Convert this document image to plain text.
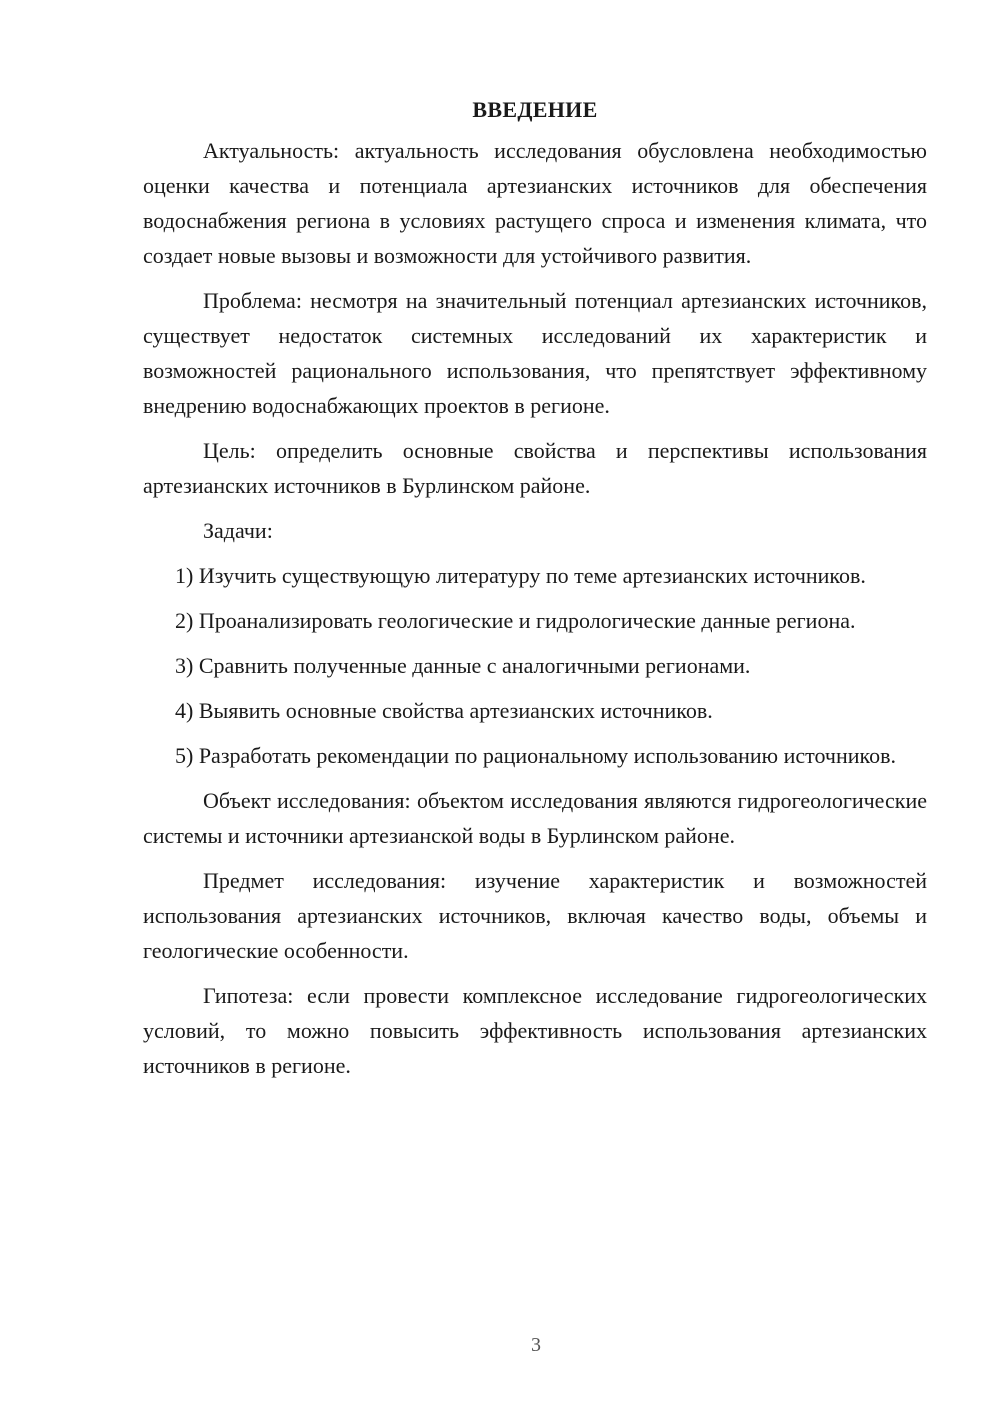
ВВЕДЕНИЕ

Актуальность: актуальность исследования обусловлена необходимостью оценки качества и потенциала артезианских источников для обеспечения водоснабжения региона в условиях растущего спроса и изменения климата, что создает новые вызовы и возможности для устойчивого развития.

Проблема: несмотря на значительный потенциал артезианских источников, существует недостаток системных исследований их характеристик и возможностей рационального использования, что препятствует эффективному внедрению водоснабжающих проектов в регионе.

Цель: определить основные свойства и перспективы использования артезианских источников в Бурлинском районе.

Задачи:

1) Изучить существующую литературу по теме артезианских источников.

2) Проанализировать геологические и гидрологические данные региона.

3) Сравнить полученные данные с аналогичными регионами.

4) Выявить основные свойства артезианских источников.

5) Разработать рекомендации по рациональному использованию источников.

Объект исследования: объектом исследования являются гидрогеологические системы и источники артезианской воды в Бурлинском районе.

Предмет исследования: изучение характеристик и возможностей использования артезианских источников, включая качество воды, объемы и геологические особенности.

Гипотеза: если провести комплексное исследование гидрогеологических условий, то можно повысить эффективность использования артезианских источников в регионе.

3
